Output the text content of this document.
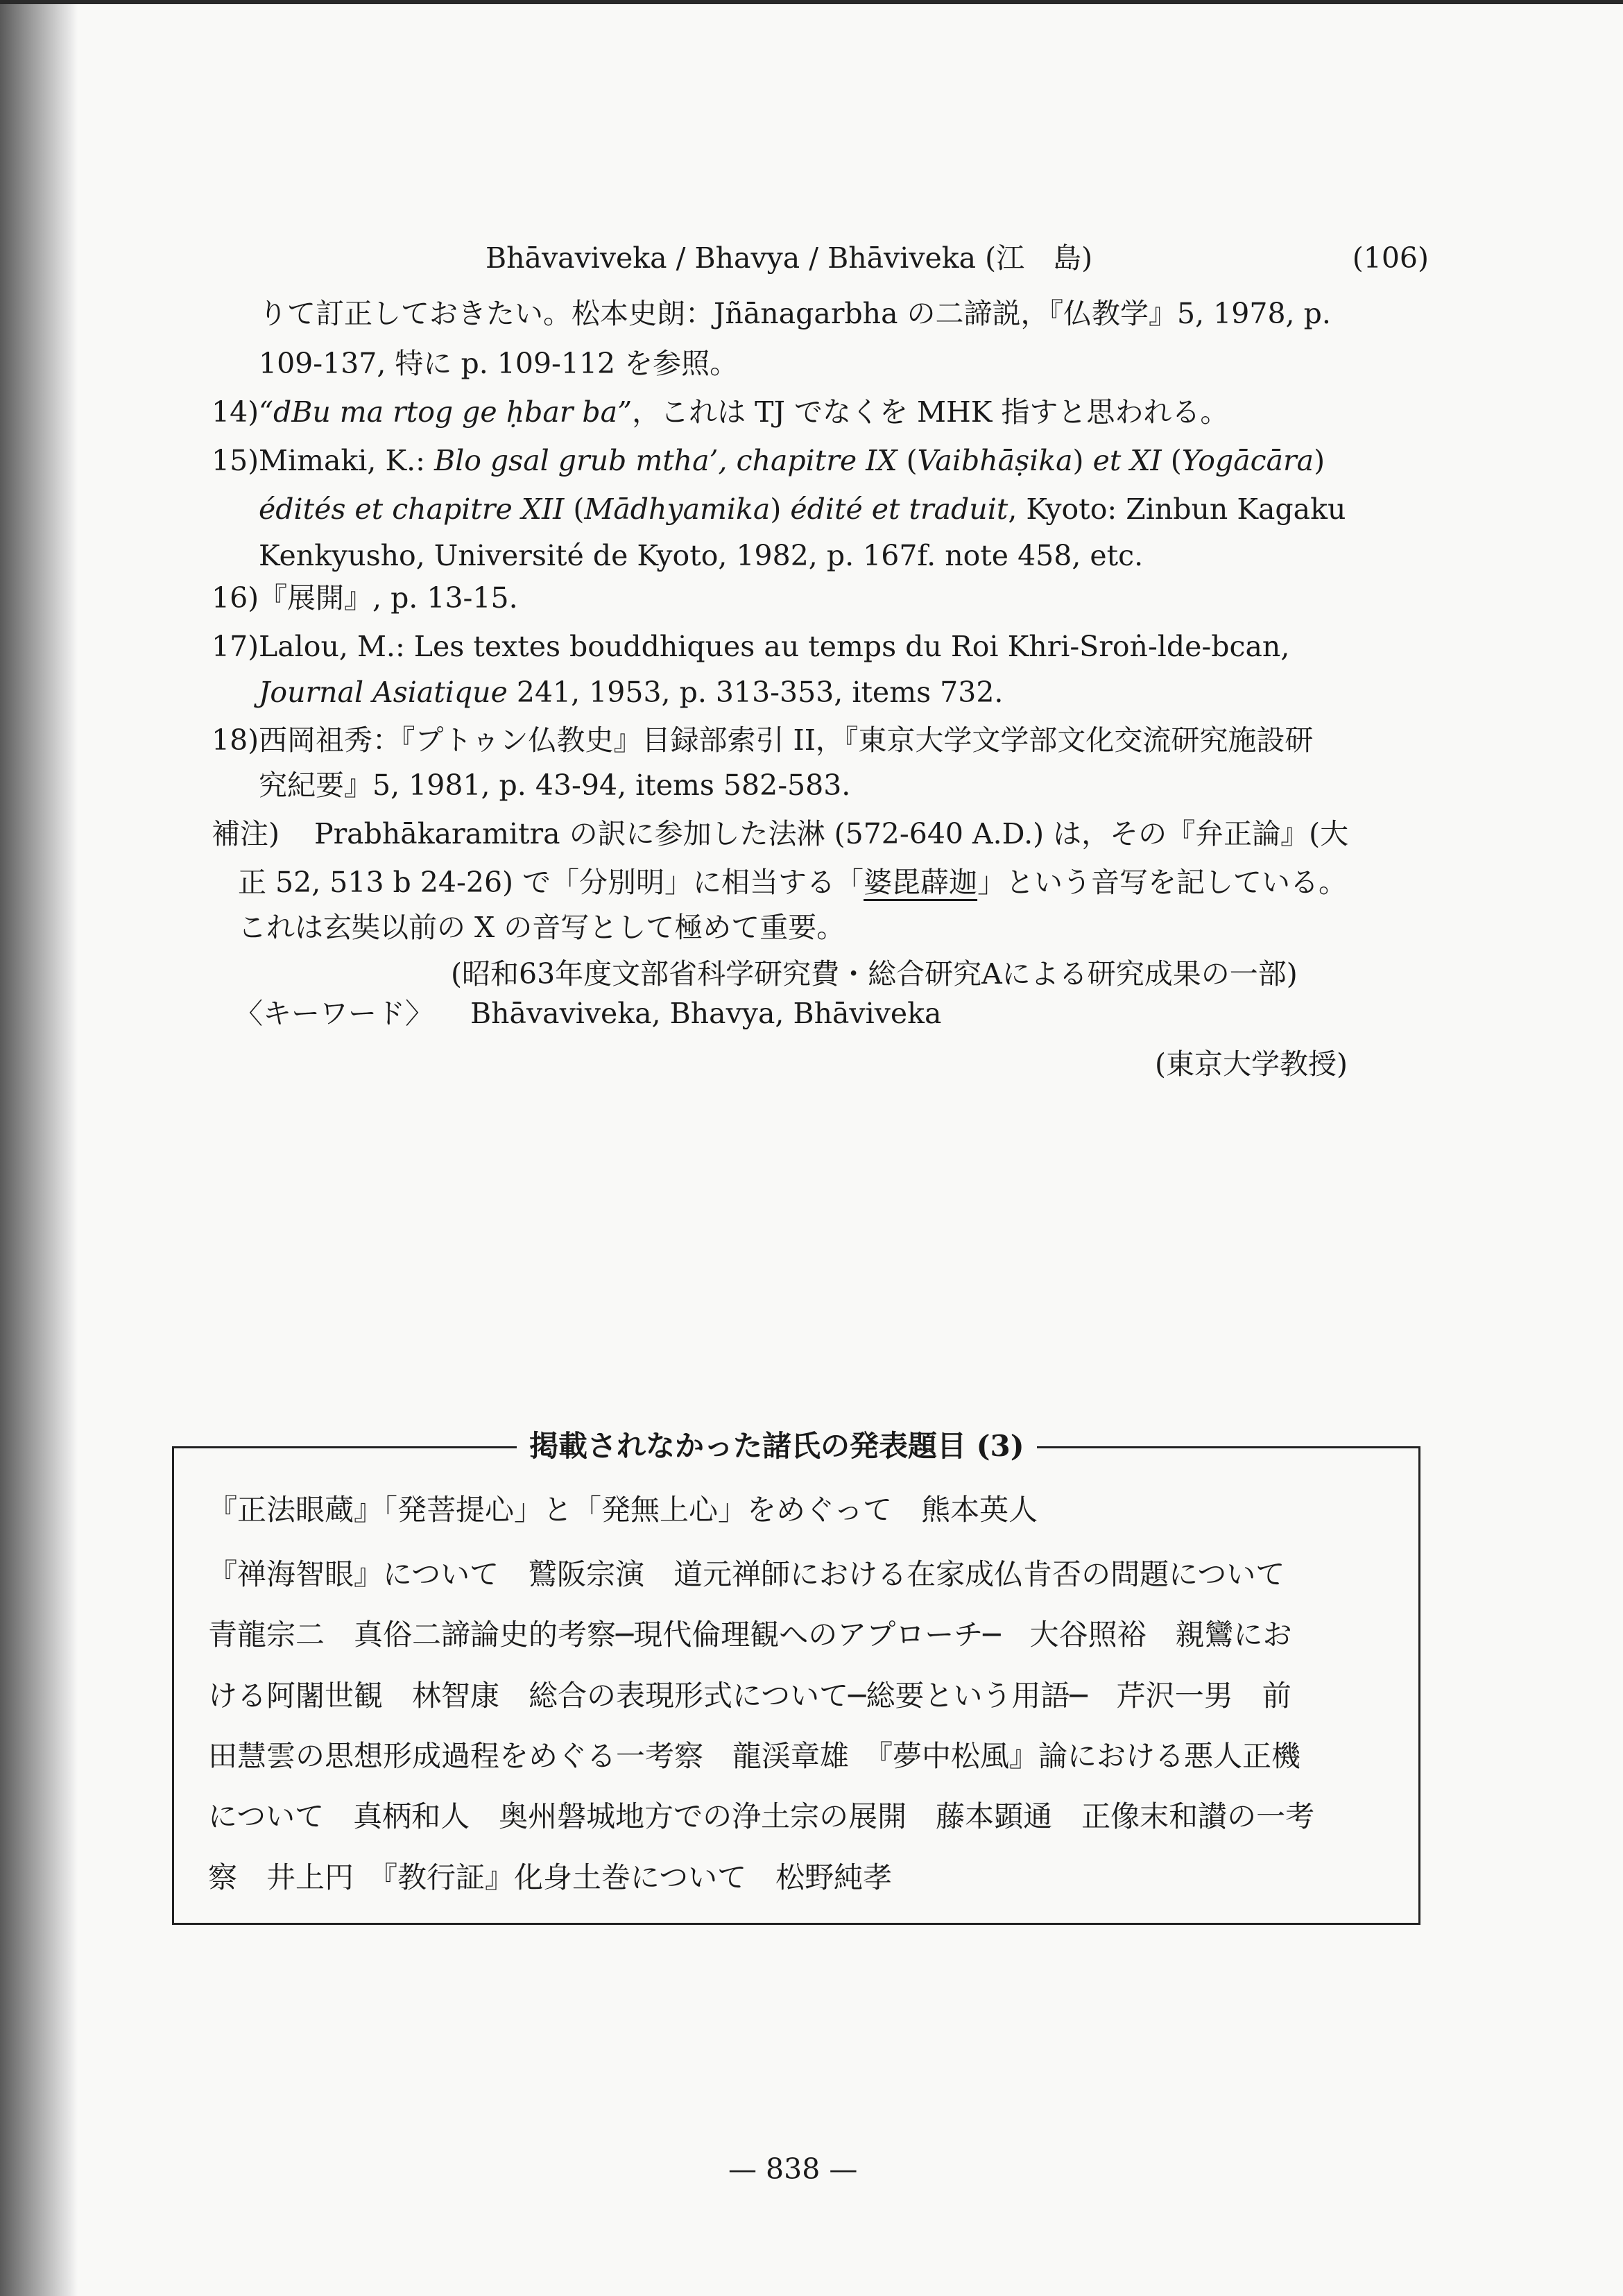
Bhāvaviveka / Bhavya / Bhāviveka (江　島)	(106)
りて訂正しておきたい。松本史朗：Jñānagarbha の二諦説，『仏教学』5, 1978, p.
109-137, 特に p. 109-112 を参照。
14) “dBu ma rtog ge ḥbar ba”，これは TJ でなくを MHK 指すと思われる。
15) Mimaki, K.: Blo gsal grub mtha’, chapitre IX (Vaibhāṣika) et XI (Yogācāra)
édités et chapitre XII (Mādhyamika) édité et traduit, Kyoto: Zinbun Kagaku
Kenkyusho, Université de Kyoto, 1982, p. 167f. note 458, etc.
16) 『展開』, p. 13-15.
17) Lalou, M.: Les textes bouddhiques au temps du Roi Khri-Sroṅ-lde-bcan,
Journal Asiatique 241, 1953, p. 313-353, items 732.
18) 西岡祖秀：『プトゥン仏教史』目録部索引 II，『東京大学文学部文化交流研究施設研
究紀要』5, 1981, p. 43-94, items 582-583.
補注) Prabhākaramitra の訳に参加した法淋 (572-640 A.D.) は，その『弁正論』(大
正 52, 513 b 24-26) で「分別明」に相当する「婆毘薜迦」という音写を記している。
これは玄奘以前の X の音写として極めて重要。
(昭和63年度文部省科学研究費・総合研究Aによる研究成果の一部)
〈キーワード〉 Bhāvaviveka, Bhavya, Bhāviveka
(東京大学教授)
掲載されなかった諸氏の発表題目 (3)
『正法眼蔵』「発菩提心」と「発無上心」をめぐって　熊本英人
『禅海智眼』について　鷲阪宗演　道元禅師における在家成仏肯否の問題について
青龍宗二　真俗二諦論史的考察─現代倫理観へのアプローチ─　大谷照裕　親鸞にお
ける阿闍世観　林智康　総合の表現形式について─総要という用語─　芹沢一男　前
田慧雲の思想形成過程をめぐる一考察　龍渓章雄　『夢中松風』論における悪人正機
について　真柄和人　奥州磐城地方での浄土宗の展開　藤本顕通　正像末和讃の一考
察　井上円　『教行証』化身土巻について　松野純孝
— 838 —
